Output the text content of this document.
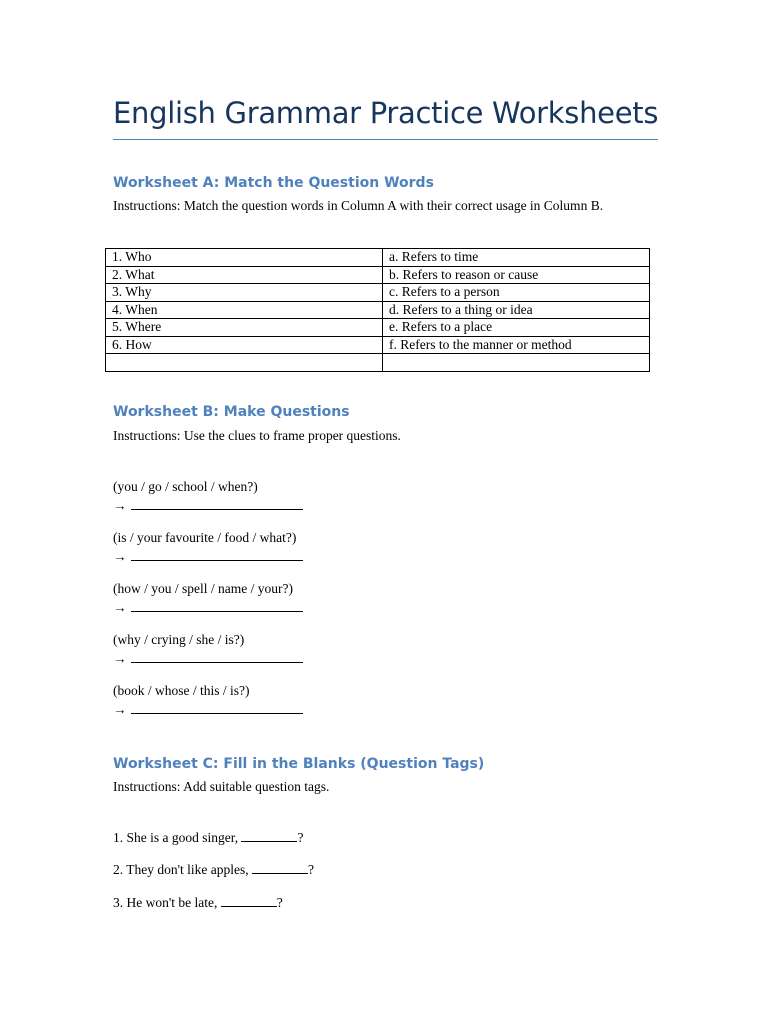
English Grammar Practice Worksheets
Worksheet A: Match the Question Words

Instructions: Match the question words in Column A with their correct usage in Column B.

1. Who	a. Refers to time
2. What	b. Refers to reason or cause
3. Why	c. Refers to a person
4. When	d. Refers to a thing or idea
5. Where	e. Refers to a place
6. How	f. Refers to the manner or method

Worksheet B: Make Questions

Instructions: Use the clues to frame proper questions.

(you / go / school / when?)

→

(is / your favourite / food / what?)

→

(how / you / spell / name / your?)

→

(why / crying / she / is?)

→

(book / whose / this / is?)

→

Worksheet C: Fill in the Blanks (Question Tags)

Instructions: Add suitable question tags.

1. She is a good singer,	?

2. They don't like apples,	?

3. He won't be late,	?
